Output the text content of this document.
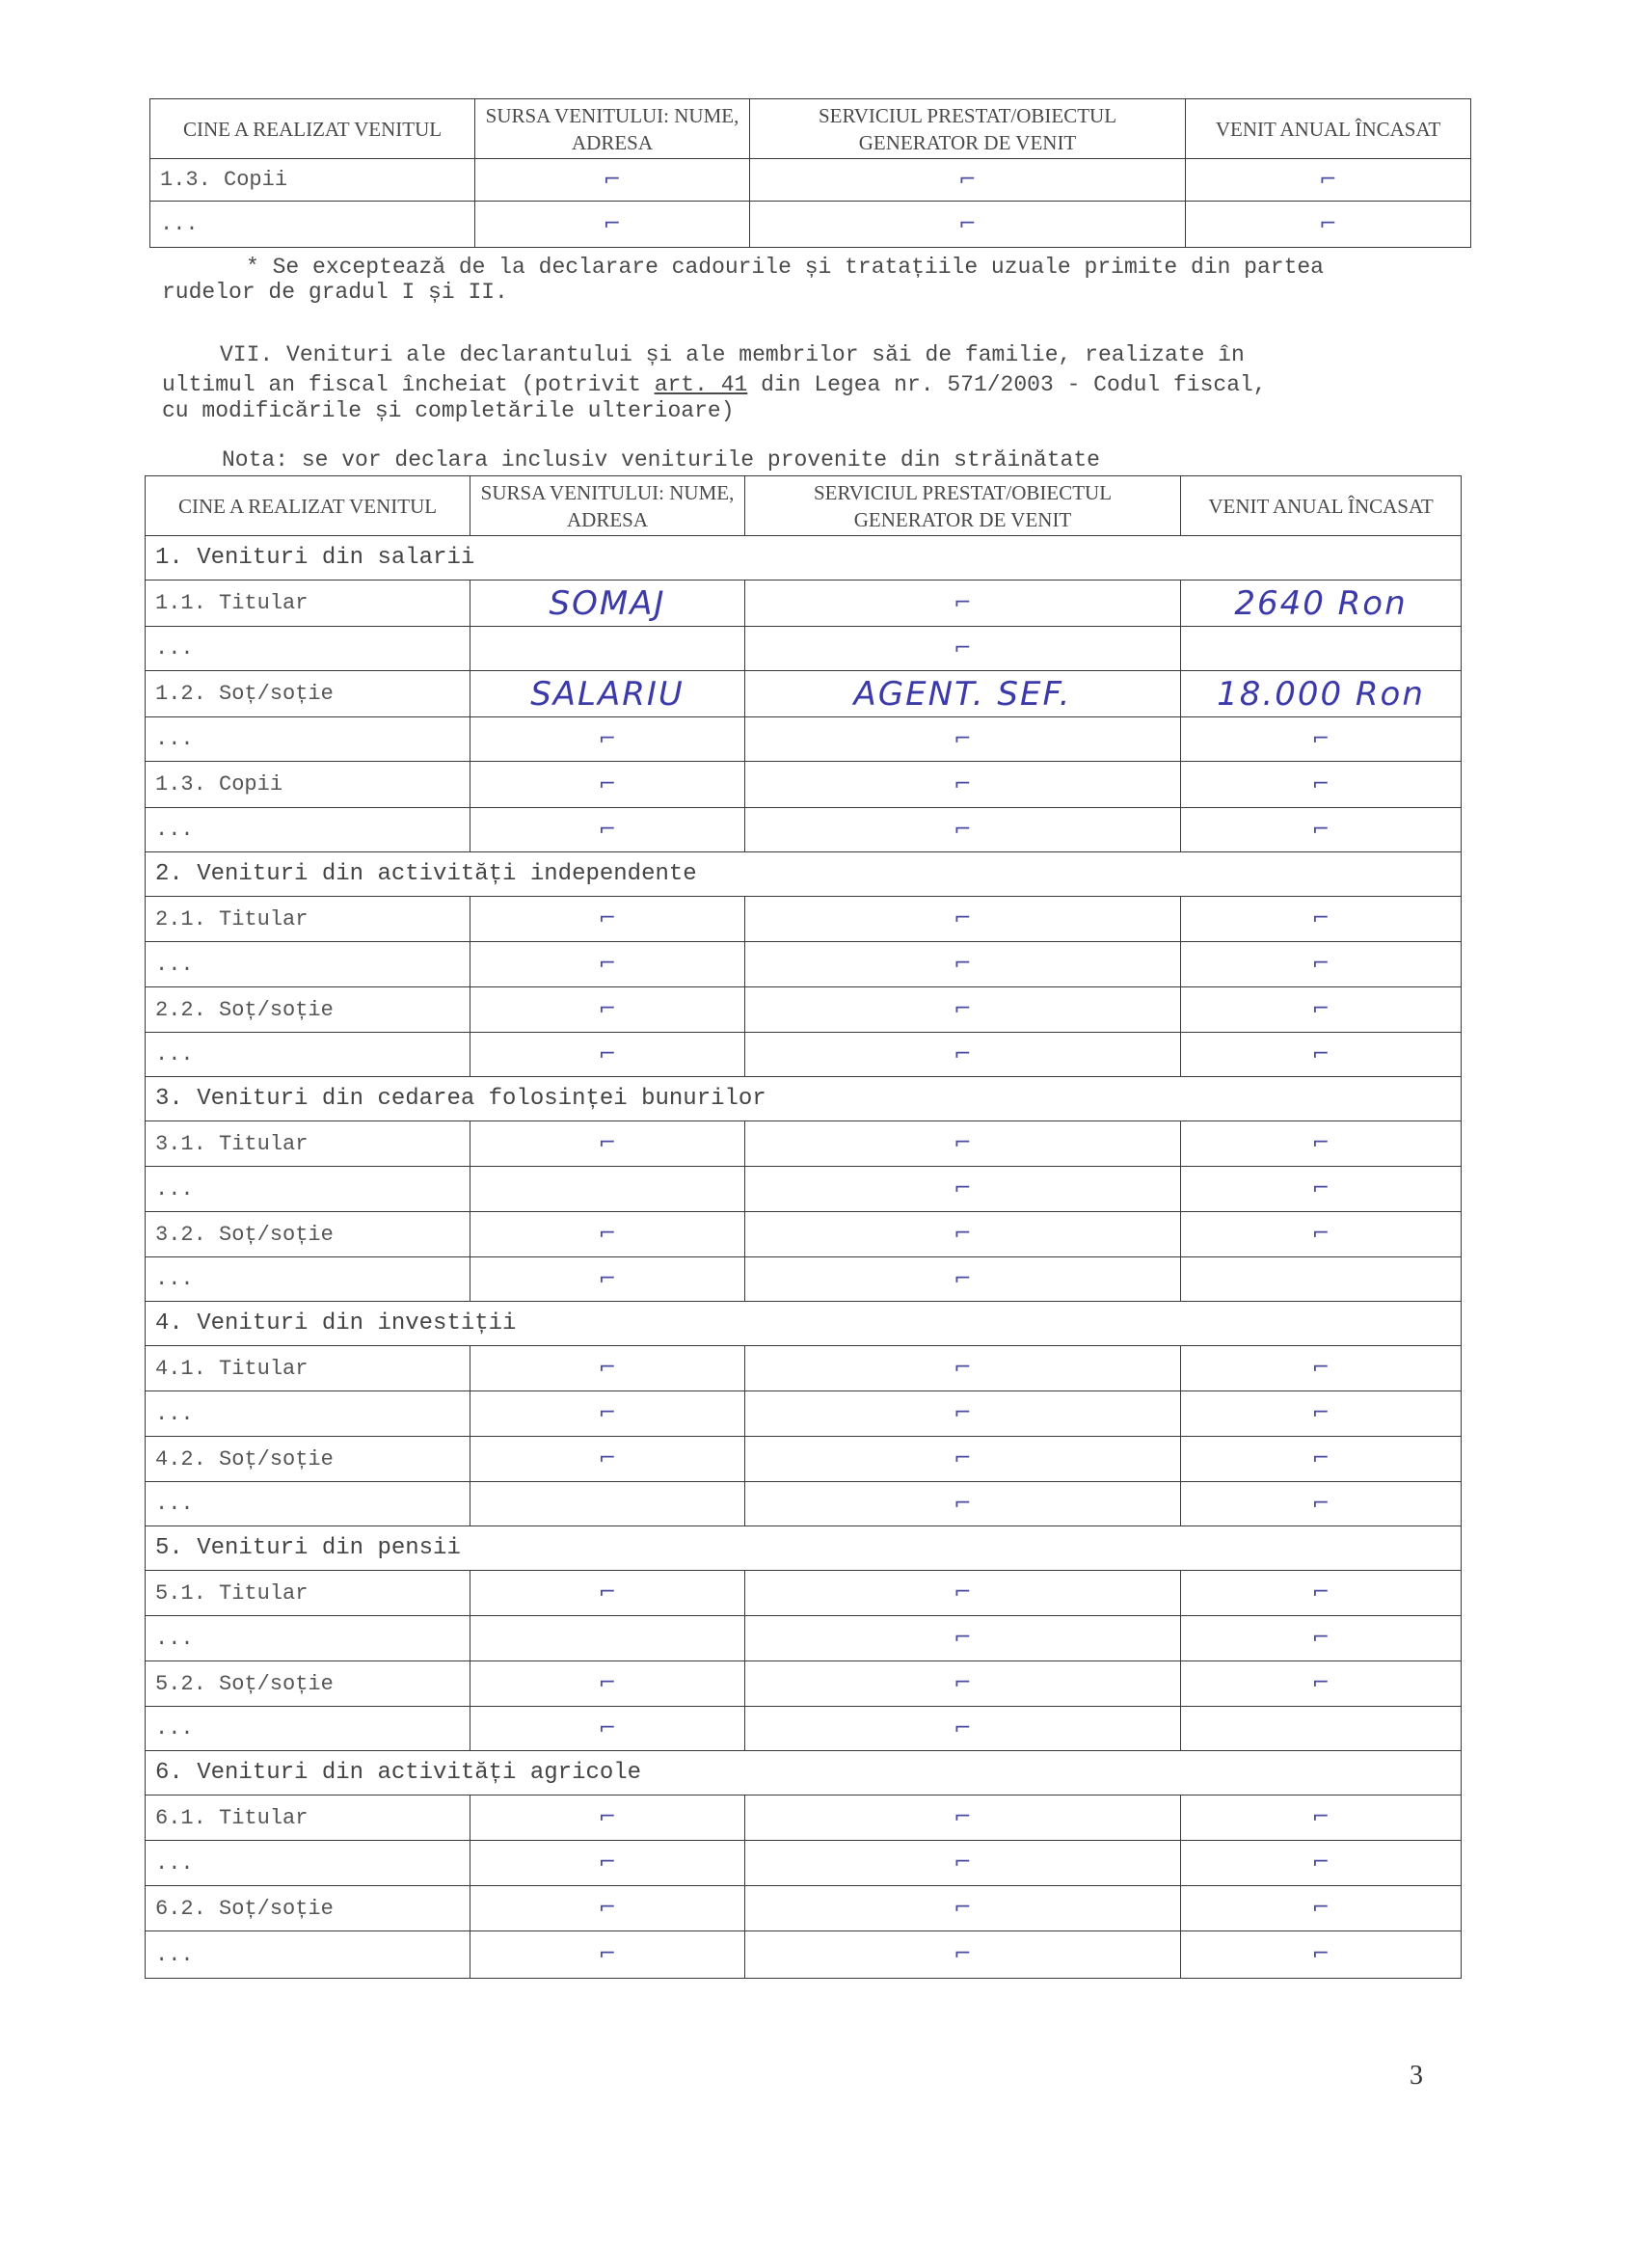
CINE A REALIZAT VENITUL	SURSA VENITULUI: NUME, ADRESA	SERVICIUL PRESTAT/OBIECTUL GENERATOR DE VENIT	VENIT ANUAL ÎNCASAT
1.3. Copii	⌐	⌐	⌐
...	⌐	⌐	⌐
* Se exceptează de la declarare cadourile și tratațiile uzuale primite din partea
rudelor de gradul I și II.
VII. Venituri ale declarantului și ale membrilor săi de familie, realizate în
ultimul an fiscal încheiat (potrivit art. 41 din Legea nr. 571/2003 - Codul fiscal,
cu modificările și completările ulterioare)
Nota: se vor declara inclusiv veniturile provenite din străinătate
CINE A REALIZAT VENITUL	SURSA VENITULUI: NUME, ADRESA	SERVICIUL PRESTAT/OBIECTUL GENERATOR DE VENIT	VENIT ANUAL ÎNCASAT
1. Venituri din salarii			
1.1. Titular	SOMAJ	⌐	2640 Ron
...		⌐	
1.2. Soț/soție	SALARIU	AGENT. SEF.	18.000 Ron
...	⌐	⌐	⌐
1.3. Copii	⌐	⌐	⌐
...	⌐	⌐	⌐
2. Venituri din activități independente			
2.1. Titular	⌐	⌐	⌐
...	⌐	⌐	⌐
2.2. Soț/soție	⌐	⌐	⌐
...	⌐	⌐	⌐
3. Venituri din cedarea folosinței bunurilor			
3.1. Titular	⌐	⌐	⌐
...		⌐	⌐
3.2. Soț/soție	⌐	⌐	⌐
...	⌐	⌐	
4. Venituri din investiții			
4.1. Titular	⌐	⌐	⌐
...	⌐	⌐	⌐
4.2. Soț/soție	⌐	⌐	⌐
...		⌐	⌐
5. Venituri din pensii			
5.1. Titular	⌐	⌐	⌐
...		⌐	⌐
5.2. Soț/soție	⌐	⌐	⌐
...	⌐	⌐	
6. Venituri din activități agricole			
6.1. Titular	⌐	⌐	⌐
...	⌐	⌐	⌐
6.2. Soț/soție	⌐	⌐	⌐
...	⌐	⌐	⌐
3
